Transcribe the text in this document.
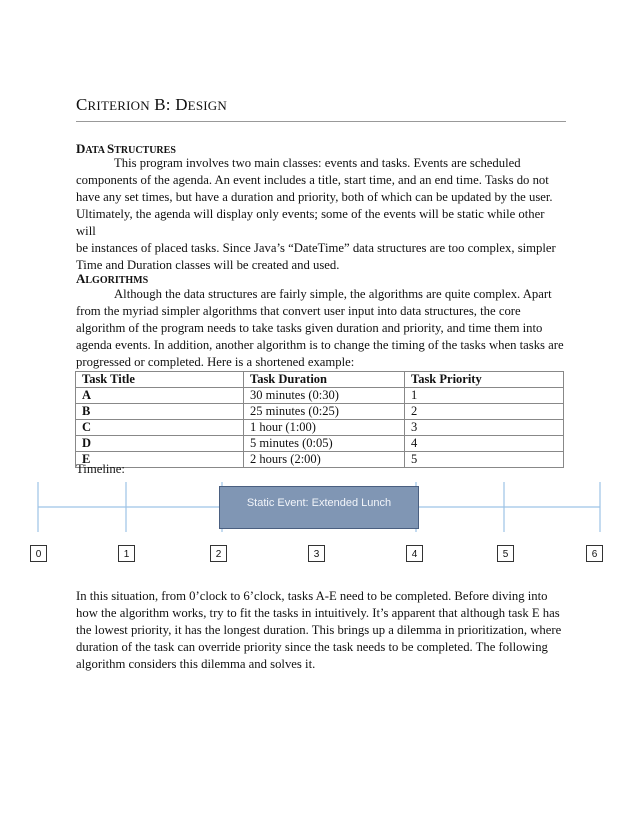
CRITERION B: DESIGN
DATA STRUCTURES
This program involves two main classes: events and tasks. Events are scheduled
components of the agenda. An event includes a title, start time, and an end time. Tasks do not
have any set times, but have a duration and priority, both of which can be updated by the user.
Ultimately, the agenda will display only events; some of the events will be static while other will
be instances of placed tasks. Since Java’s “DateTime” data structures are too complex, simpler
Time and Duration classes will be created and used.
ALGORITHMS
Although the data structures are fairly simple, the algorithms are quite complex. Apart
from the myriad simpler algorithms that convert user input into data structures, the core
algorithm of the program needs to take tasks given duration and priority, and time them into
agenda events. In addition, another algorithm is to change the timing of the tasks when tasks are
progressed or completed. Here is a shortened example:
Task Title	Task Duration	Task Priority
A	30 minutes (0:30)	1
B	25 minutes (0:25)	2
C	1 hour (1:00)	3
D	5 minutes (0:05)	4
E	2 hours (2:00)	5
Timeline:
Static Event: Extended Lunch
0	1	2	3	4	5	6
In this situation, from 0’clock to 6’clock, tasks A-E need to be completed. Before diving into
how the algorithm works, try to fit the tasks in intuitively. It’s apparent that although task E has
the lowest priority, it has the longest duration. This brings up a dilemma in prioritization, where
duration of the task can override priority since the task needs to be completed. The following
algorithm considers this dilemma and solves it.
